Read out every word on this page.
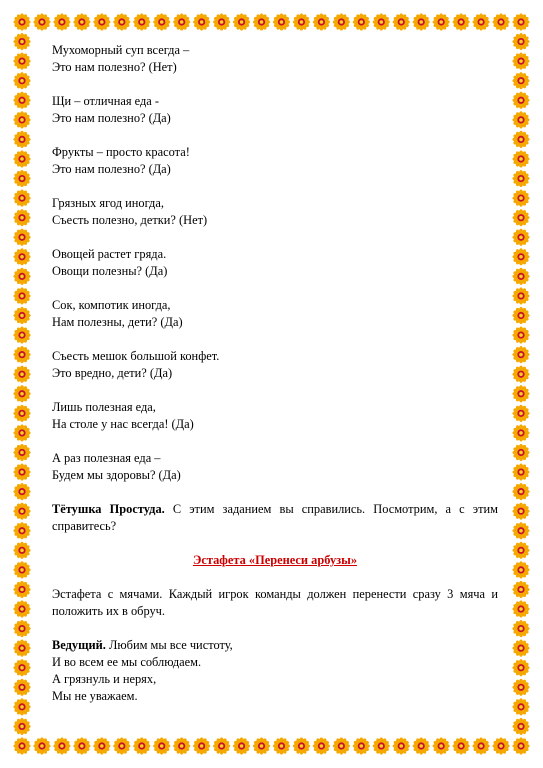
Мухоморный суп всегда –
Это нам полезно? (Нет)
Щи – отличная еда -
Это нам полезно? (Да)
Фрукты – просто красота!
Это нам полезно? (Да)
Грязных ягод иногда,
Съесть полезно, детки? (Нет)
Овощей растет гряда.
Овощи полезны? (Да)
Сок, компотик иногда,
Нам полезны, дети? (Да)
Съесть мешок большой конфет.
Это вредно, дети? (Да)
Лишь полезная еда,
На столе у нас всегда! (Да)
А раз полезная еда –
Будем мы здоровы? (Да)

Тётушка Простуда. С этим заданием вы справились. Посмотрим, а с этим справитесь?

Эстафета «Перенеси арбузы»

Эстафета с мячами. Каждый игрок команды должен перенести сразу 3 мяча и положить их в обруч.

Ведущий. Любим мы все чистоту,
И во всем ее мы соблюдаем.
А грязнуль и нерях,
Мы не уважаем.
